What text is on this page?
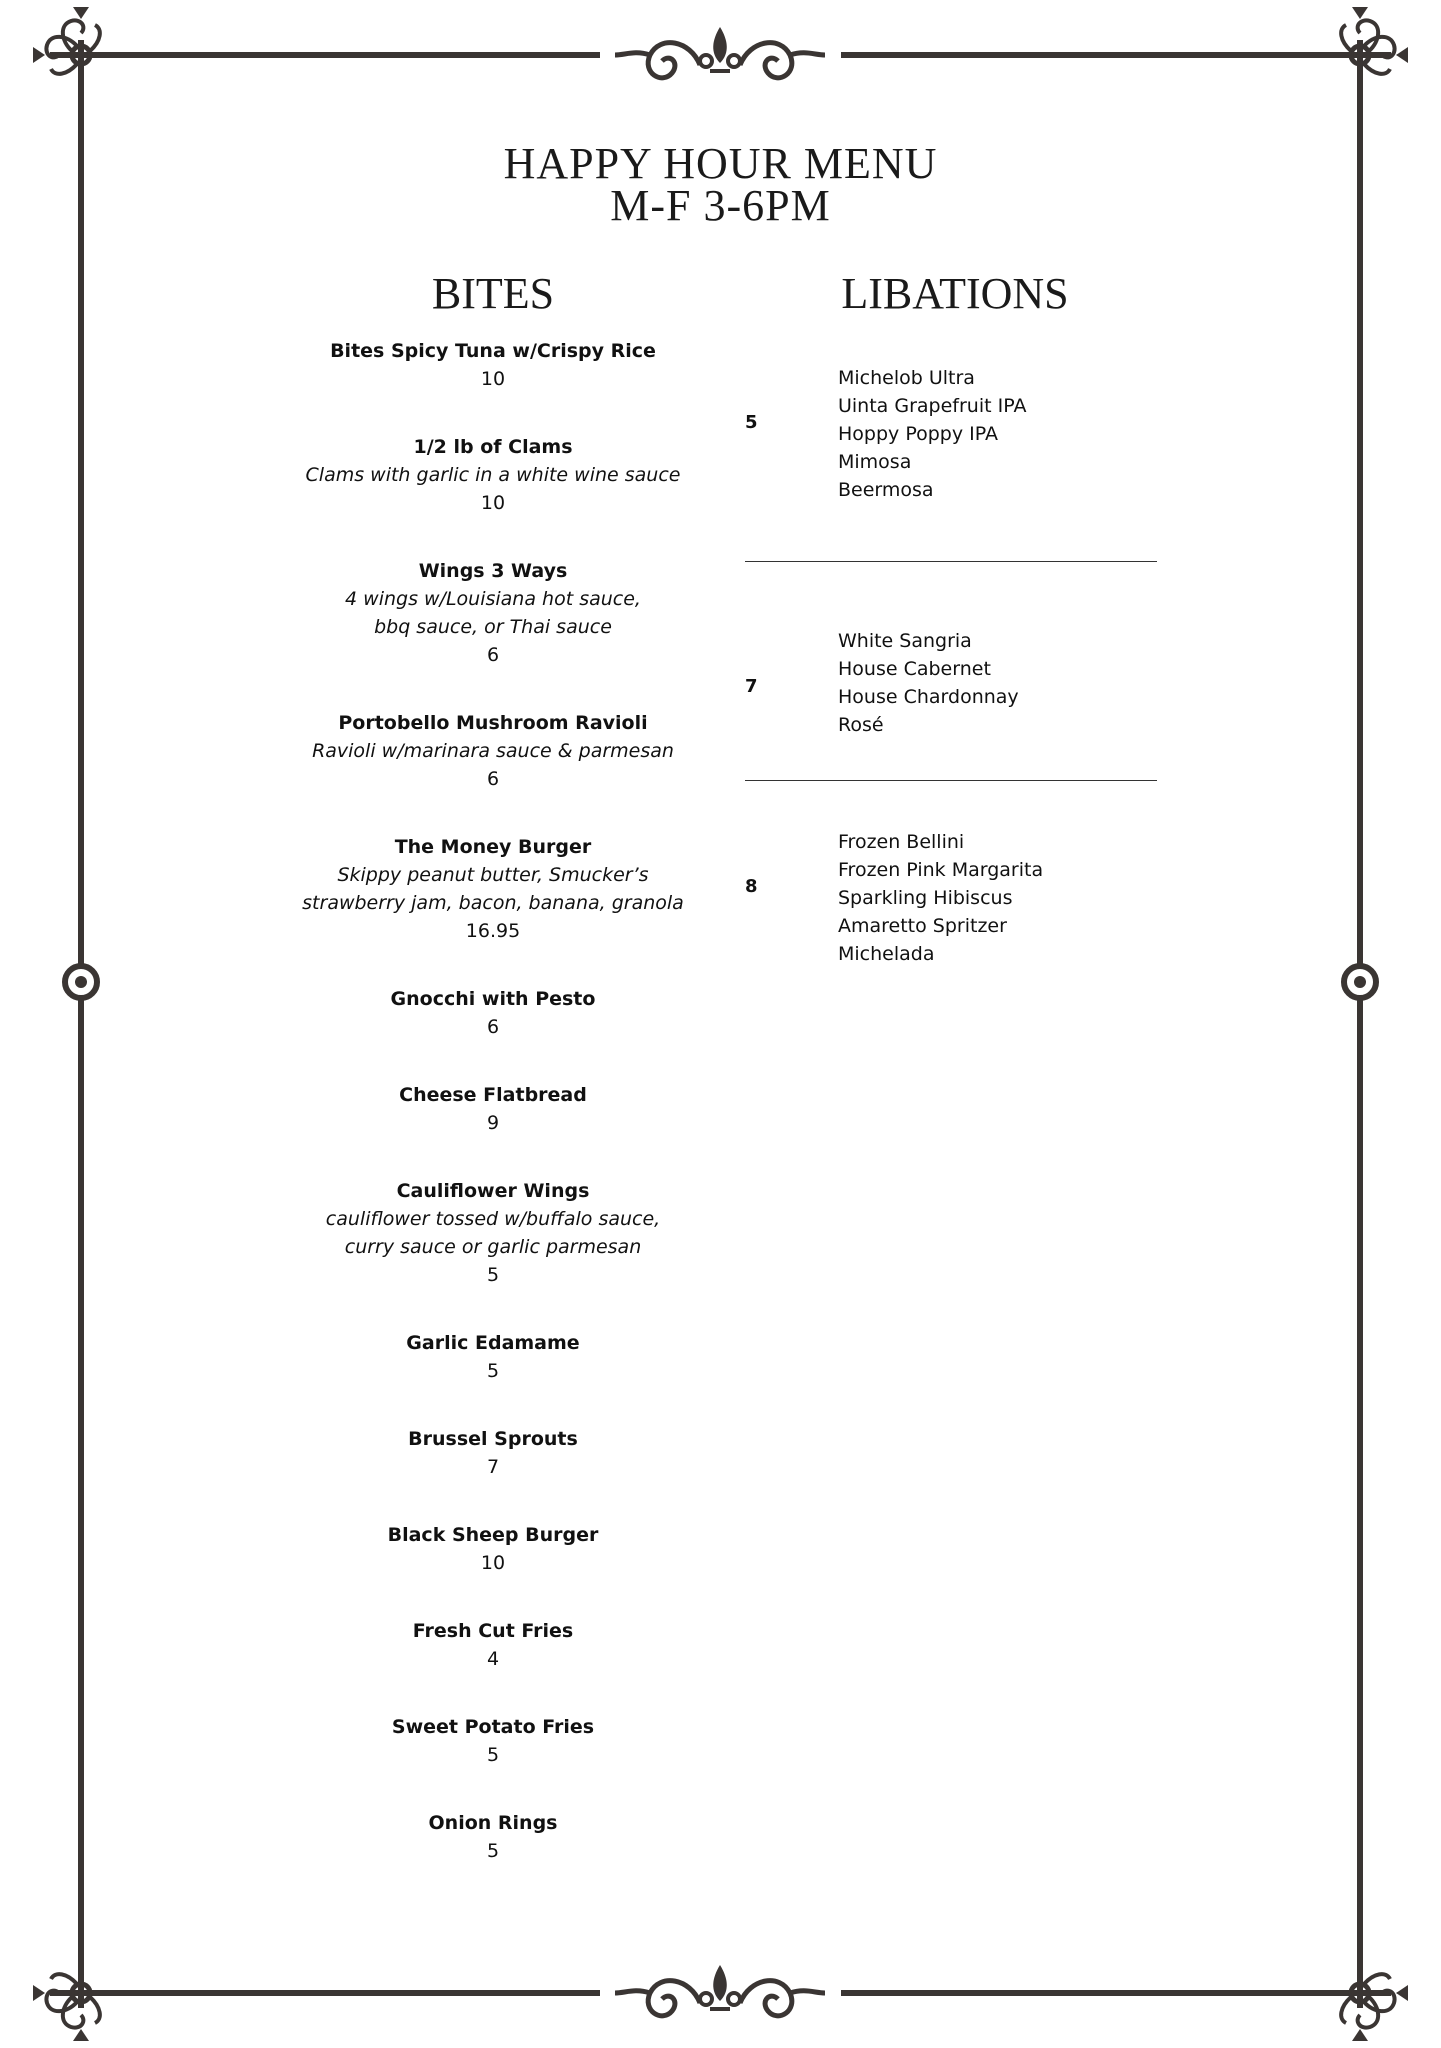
HAPPY HOUR MENU
M-F 3-6PM
BITES	LIBATIONS
Bites Spicy Tuna w/Crispy Rice
10
1/2 lb of Clams
Clams with garlic in a white wine sauce
10
Wings 3 Ways
4 wings w/Louisiana hot sauce,
bbq sauce, or Thai sauce
6
Portobello Mushroom Ravioli
Ravioli w/marinara sauce & parmesan
6
The Money Burger
Skippy peanut butter, Smucker’s
strawberry jam, bacon, banana, granola
16.95
Gnocchi with Pesto
6
Cheese Flatbread
9
Cauliflower Wings
cauliflower tossed w/buffalo sauce,
curry sauce or garlic parmesan
5
Garlic Edamame
5
Brussel Sprouts
7
Black Sheep Burger
10
Fresh Cut Fries
4
Sweet Potato Fries
5
Onion Rings
5
5
Michelob Ultra
Uinta Grapefruit IPA
Hoppy Poppy IPA
Mimosa
Beermosa
7
White Sangria
House Cabernet
House Chardonnay
Rosé
8
Frozen Bellini
Frozen Pink Margarita
Sparkling Hibiscus
Amaretto Spritzer
Michelada
